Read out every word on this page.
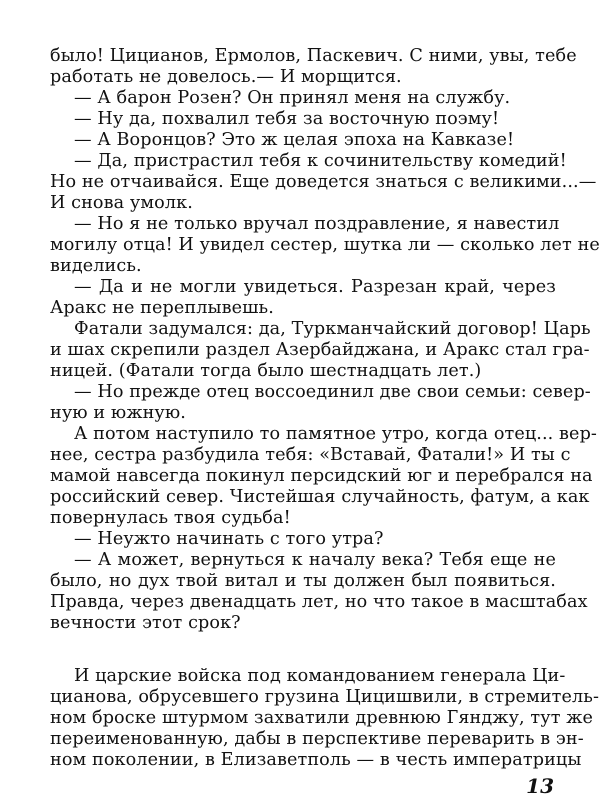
было! Цицианов, Ермолов, Паскевич. С ними, увы, тебе
работать не довелось.— И морщится.
— А барон Розен? Он принял меня на службу.
— Ну да, похвалил тебя за восточную поэму!
— А Воронцов? Это ж целая эпоха на Кавказе!
— Да, пристрастил тебя к сочинительству комедий!
Но не отчаивайся. Еще доведется знаться с великими...—
И снова умолк.
— Но я не только вручал поздравление, я навестил
могилу отца! И увидел сестер, шутка ли — сколько лет не
виделись.
— Да и не могли увидеться. Разрезан край, через
Аракс не переплывешь.
Фатали задумался: да, Туркманчайский договор! Царь
и шах скрепили раздел Азербайджана, и Аракс стал гра-
ницей. (Фатали тогда было шестнадцать лет.)
— Но прежде отец воссоединил две свои семьи: север-
ную и южную.
А потом наступило то памятное утро, когда отец... вер-
нее, сестра разбудила тебя: «Вставай, Фатали!» И ты с
мамой навсегда покинул персидский юг и перебрался на
российский север. Чистейшая случайность, фатум, а как
повернулась твоя судьба!
— Неужто начинать с того утра?
— А может, вернуться к началу века? Тебя еще не
было, но дух твой витал и ты должен был появиться.
Правда, через двенадцать лет, но что такое в масштабах
вечности этот срок?
И царские войска под командованием генерала Ци-
цианова, обрусевшего грузина Цицишвили, в стремитель-
ном броске штурмом захватили древнюю Гянджу, тут же
переименованную, дабы в перспективе переварить в эн-
ном поколении, в Елизаветполь — в честь императрицы
13
